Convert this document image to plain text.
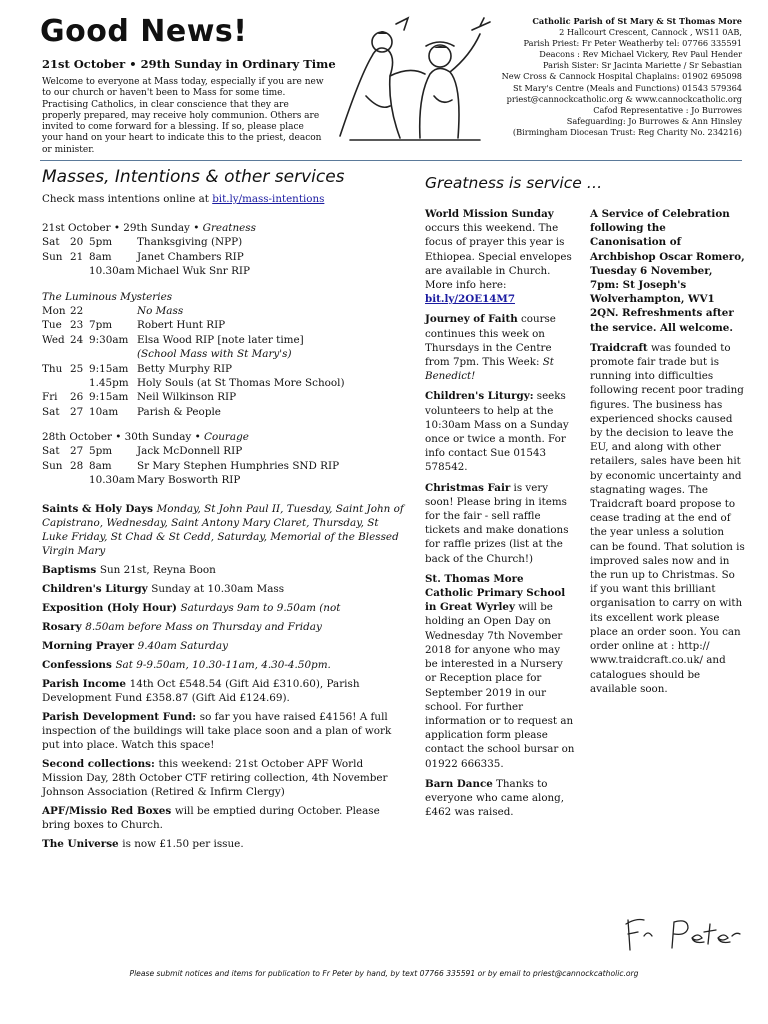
Good News!
21st October • 29th Sunday in Ordinary Time
Welcome to everyone at Mass today, especially if you are new to our church or haven't been to Mass for some time. Practising Catholics, in clear conscience that they are properly prepared, may receive holy communion. Others are invited to come forward for a blessing. If so, please place your hand on your heart to indicate this to the priest, deacon or minister.
Catholic Parish of St Mary & St Thomas More
2 Hallcourt Crescent, Cannock , WS11 0AB,
Parish Priest: Fr Peter Weatherby tel: 07766 335591
Deacons : Rev Michael Vickery, Rev Paul Hender
Parish Sister: Sr Jacinta Mariette / Sr Sebastian
New Cross & Cannock Hospital Chaplains: 01902 695098
St Mary's Centre (Meals and Functions) 01543 579364
priest@cannockcatholic.org & www.cannockcatholic.org
Cafod Representative : Jo Burrowes
Safeguarding: Jo Burrowes & Ann Hinsley
(Birmingham Diocesan Trust: Reg Charity No. 234216)
Masses, Intentions & other services	Greatness is service …
Check mass intentions online at bit.ly/mass-intentions
21st October • 29th Sunday • Greatness
Sat	20 5pm	Thanksgiving (NPP)
Sun 21 8am	Janet Chambers RIP
10.30am Michael Wuk Snr RIP
The Luminous Mysteries
Mon 22	No Mass
Tue 23 7pm	Robert Hunt RIP
Wed 24 9:30am Elsa Wood RIP [note later time]
(School Mass with St Mary's)
Thu 25 9:15am Betty Murphy RIP
1.45pm Holy Souls (at St Thomas More School)
Fri	26 9:15am Neil Wilkinson RIP
Sat	27 10am	Parish & People
28th October • 30th Sunday • Courage
Sat	27 5pm	Jack McDonnell RIP
Sun 28 8am	Sr Mary Stephen Humphries SND RIP
10.30am Mary Bosworth RIP
Saints & Holy Days Monday, St John Paul II, Tuesday, Saint John of Capistrano, Wednesday, Saint Antony Mary Claret, Thursday, St Luke Friday, St Chad & St Cedd, Saturday, Memorial of the Blessed Virgin Mary
Baptisms Sun 21st, Reyna Boon
Children's Liturgy Sunday at 10.30am Mass
Exposition (Holy Hour) Saturdays 9am to 9.50am (not
Rosary 8.50am before Mass on Thursday and Friday
Morning Prayer 9.40am Saturday
Confessions Sat 9-9.50am, 10.30-11am, 4.30-4.50pm.
Parish Income 14th Oct £548.54 (Gift Aid £310.60), Parish Development Fund £358.87 (Gift Aid £124.69).
Parish Development Fund: so far you have raised £4156! A full inspection of the buildings will take place soon and a plan of work put into place. Watch this space!
Second collections: this weekend: 21st October APF World Mission Day, 28th October CTF retiring collection, 4th November Johnson Association (Retired & Infirm Clergy)
APF/Missio Red Boxes will be emptied during October. Please bring boxes to Church.
The Universe is now £1.50 per issue.
World Mission Sunday occurs this weekend. The focus of prayer this year is Ethiopea. Special envelopes are available in Church. More info here: bit.ly/2OE14M7
Journey of Faith course continues this week on Thursdays in the Centre from 7pm. This Week: St Benedict!
Children's Liturgy: seeks volunteers to help at the 10:30am Mass on a Sunday once or twice a month. For info contact Sue 01543 578542.
Christmas Fair is very soon! Please bring in items for the fair - sell raffle tickets and make donations for raffle prizes (list at the back of the Church!)
St. Thomas More Catholic Primary School in Great Wyrley will be holding an Open Day on Wednesday 7th November 2018 for anyone who may be interested in a Nursery or Reception place for September 2019 in our school. For further information or to request an application form please contact the school bursar on 01922 666335.
Barn Dance Thanks to everyone who came along, £462 was raised.
A Service of Celebration following the Canonisation of Archbishop Oscar Romero, Tuesday 6 November, 7pm: St Joseph's Wolverhampton, WV1 2QN. Refreshments after the service. All welcome.
Traidcraft was founded to promote fair trade but is running into difficulties following recent poor trading figures. The business has experienced shocks caused by the decision to leave the EU, and along with other retailers, sales have been hit by economic uncertainty and stagnating wages. The Traidcraft board propose to cease trading at the end of the year unless a solution can be found. That solution is improved sales now and in the run up to Christmas. So if you want this brilliant organisation to carry on with its excellent work please place an order soon. You can order online at : http:// www.traidcraft.co.uk/ and catalogues should be available soon.
Please submit notices and items for publication to Fr Peter by hand, by text 07766 335591 or by email to priest@cannockcatholic.org
